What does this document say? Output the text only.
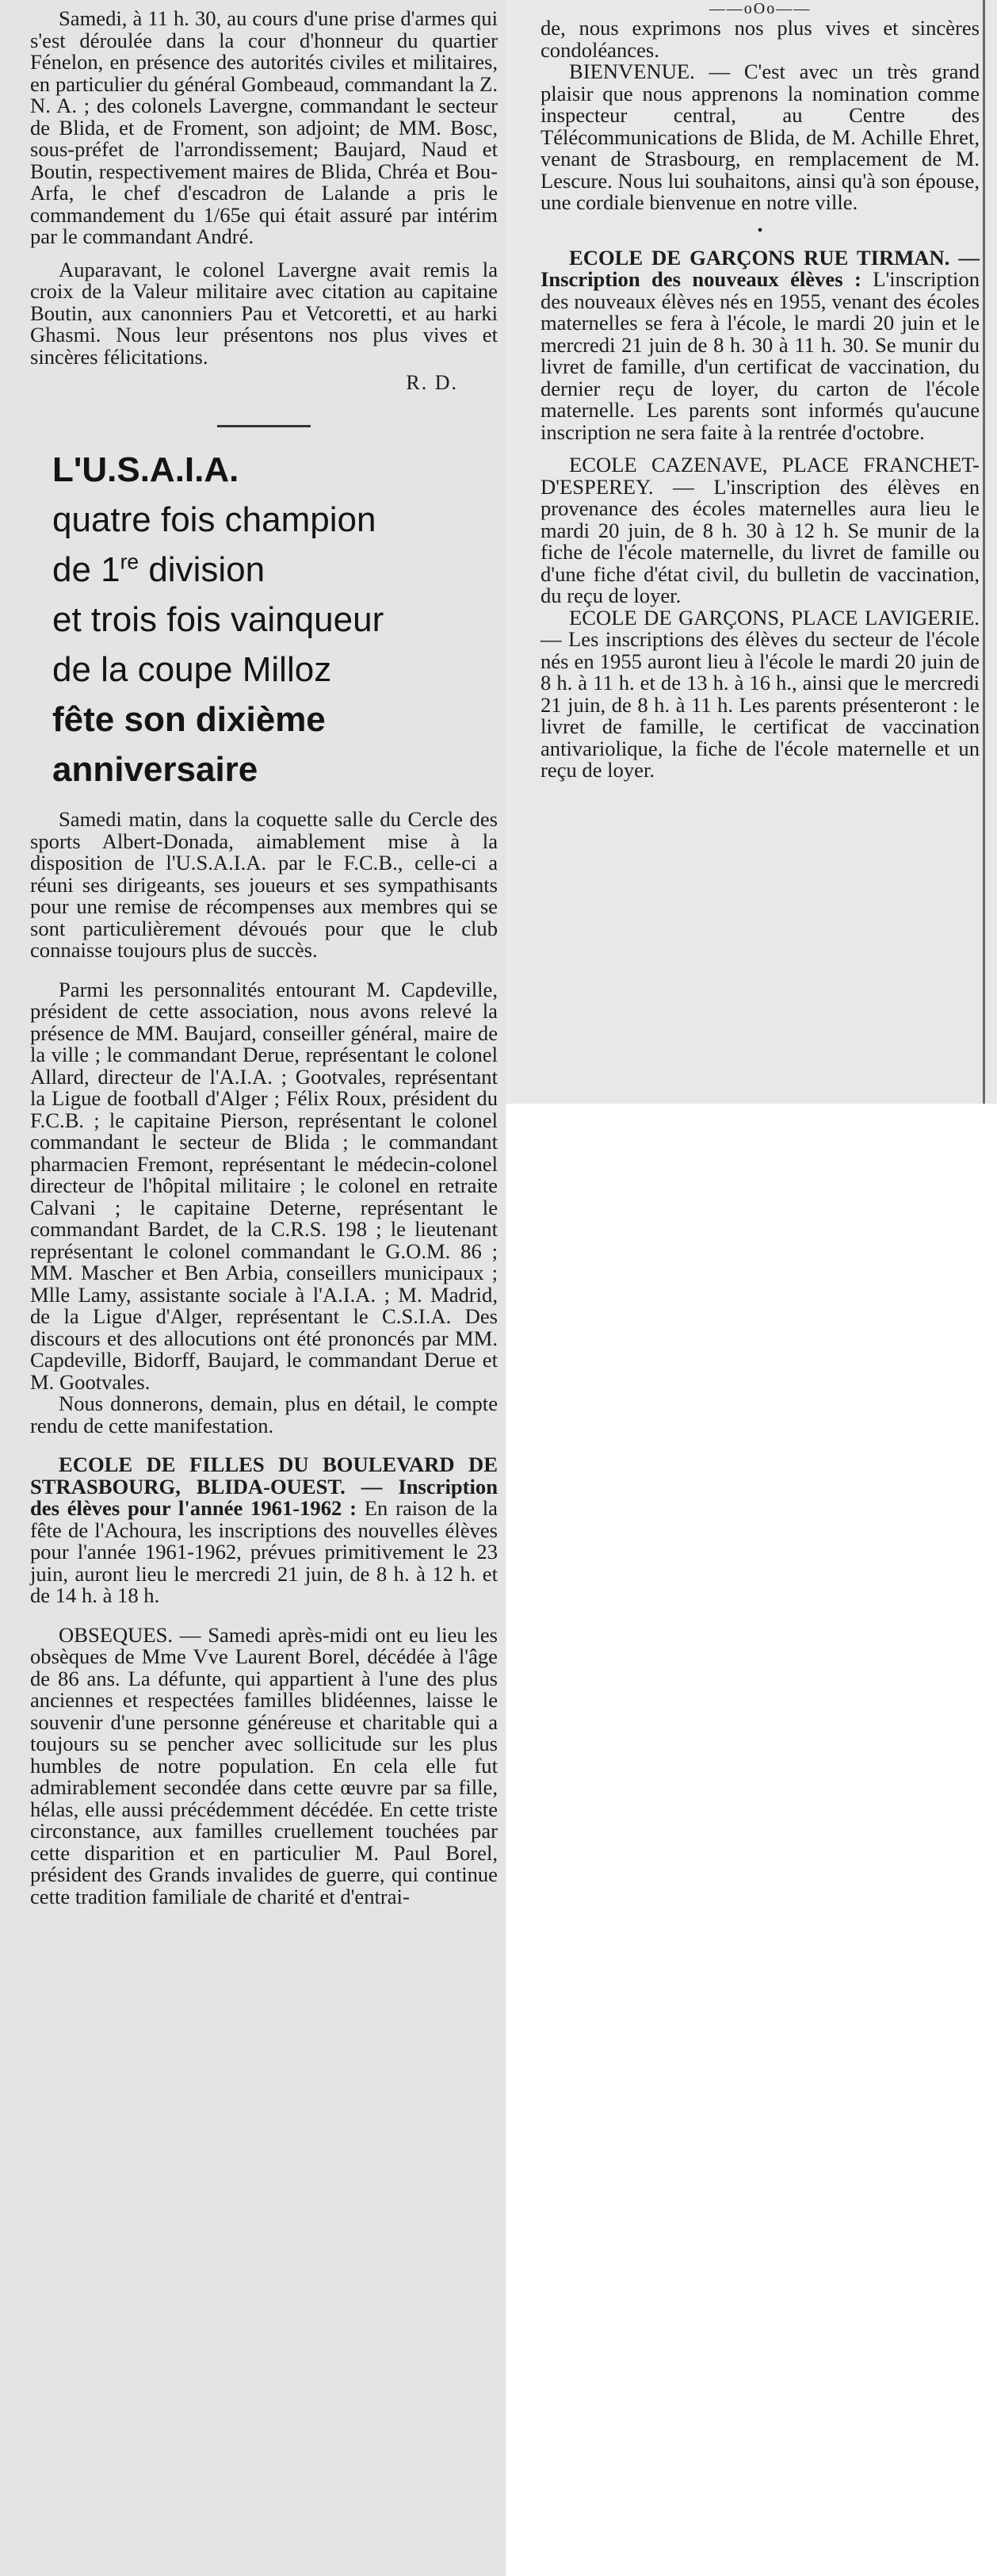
Samedi, à 11 h. 30, au cours d'une prise d'armes qui s'est déroulée dans la cour d'honneur du quartier Fénelon, en présence des autorités civiles et militaires, en particulier du général Gombeaud, commandant la Z. N. A. ; des colonels Lavergne, commandant le secteur de Blida, et de Froment, son adjoint; de MM. Bosc, sous-préfet de l'arrondissement; Baujard, Naud et Boutin, respectivement maires de Blida, Chréa et Bou-Arfa, le chef d'escadron de Lalande a pris le commandement du 1/65e qui était assuré par intérim par le commandant André.

Auparavant, le colonel Lavergne avait remis la croix de la Valeur militaire avec citation au capitaine Boutin, aux canonniers Pau et Vetcoretti, et au harki Ghasmi. Nous leur présentons nos plus vives et sincères félicitations.

R. D.
L'U.S.A.I.A.
quatre fois champion
de 1re division
et trois fois vainqueur
de la coupe Milloz
fête son dixième
anniversaire

Samedi matin, dans la coquette salle du Cercle des sports Albert-Donada, aimablement mise à la disposition de l'U.S.A.I.A. par le F.C.B., celle-ci a réuni ses dirigeants, ses joueurs et ses sympathisants pour une remise de récompenses aux membres qui se sont particulièrement dévoués pour que le club connaisse toujours plus de succès.

Parmi les personnalités entourant M. Capdeville, président de cette association, nous avons relevé la présence de MM. Baujard, conseiller général, maire de la ville ; le commandant Derue, représentant le colonel Allard, directeur de l'A.I.A. ; Gootvales, représentant la Ligue de football d'Alger ; Félix Roux, président du F.C.B. ; le capitaine Pierson, représentant le colonel commandant le secteur de Blida ; le commandant pharmacien Fremont, représentant le médecin-colonel directeur de l'hôpital militaire ; le colonel en retraite Calvani ; le capitaine Deterne, représentant le commandant Bardet, de la C.R.S. 198 ; le lieutenant représentant le colonel commandant le G.O.M. 86 ; MM. Mascher et Ben Arbia, conseillers municipaux ; Mlle Lamy, assistante sociale à l'A.I.A. ; M. Madrid, de la Ligue d'Alger, représentant le C.S.I.A. Des discours et des allocutions ont été prononcés par MM. Capdeville, Bidorff, Baujard, le commandant Derue et M. Gootvales.

Nous donnerons, demain, plus en détail, le compte rendu de cette manifestation.

ECOLE DE FILLES DU BOULEVARD DE STRASBOURG, BLIDA-OUEST. — Inscription des élèves pour l'année 1961-1962 : En raison de la fête de l'Achoura, les inscriptions des nouvelles élèves pour l'année 1961-1962, prévues primitivement le 23 juin, auront lieu le mercredi 21 juin, de 8 h. à 12 h. et de 14 h. à 18 h.

OBSEQUES. — Samedi après-midi ont eu lieu les obsèques de Mme Vve Laurent Borel, décédée à l'âge de 86 ans. La défunte, qui appartient à l'une des plus anciennes et respectées familles blidéennes, laisse le souvenir d'une personne généreuse et charitable qui a toujours su se pencher avec sollicitude sur les plus humbles de notre population. En cela elle fut admirablement secondée dans cette œuvre par sa fille, hélas, elle aussi précédemment décédée. En cette triste circonstance, aux familles cruellement touchées par cette disparition et en particulier M. Paul Borel, président des Grands invalides de guerre, qui continue cette tradition familiale de charité et d'entrai-

——oOo——

de, nous exprimons nos plus vives et sincères condoléances.

BIENVENUE. — C'est avec un très grand plaisir que nous apprenons la nomination comme inspecteur central, au Centre des Télécommunications de Blida, de M. Achille Ehret, venant de Strasbourg, en remplacement de M. Lescure. Nous lui souhaitons, ainsi qu'à son épouse, une cordiale bienvenue en notre ville.

•

ECOLE DE GARÇONS RUE TIRMAN. — Inscription des nouveaux élèves : L'inscription des nouveaux élèves nés en 1955, venant des écoles maternelles se fera à l'école, le mardi 20 juin et le mercredi 21 juin de 8 h. 30 à 11 h. 30. Se munir du livret de famille, d'un certificat de vaccination, du dernier reçu de loyer, du carton de l'école maternelle. Les parents sont informés qu'aucune inscription ne sera faite à la rentrée d'octobre.

ECOLE CAZENAVE, PLACE FRANCHET-D'ESPEREY. — L'inscription des élèves en provenance des écoles maternelles aura lieu le mardi 20 juin, de 8 h. 30 à 12 h. Se munir de la fiche de l'école maternelle, du livret de famille ou d'une fiche d'état civil, du bulletin de vaccination, du reçu de loyer.

ECOLE DE GARÇONS, PLACE LAVIGERIE. — Les inscriptions des élèves du secteur de l'école nés en 1955 auront lieu à l'école le mardi 20 juin de 8 h. à 11 h. et de 13 h. à 16 h., ainsi que le mercredi 21 juin, de 8 h. à 11 h. Les parents présenteront : le livret de famille, le certificat de vaccination antivariolique, la fiche de l'école maternelle et un reçu de loyer.
